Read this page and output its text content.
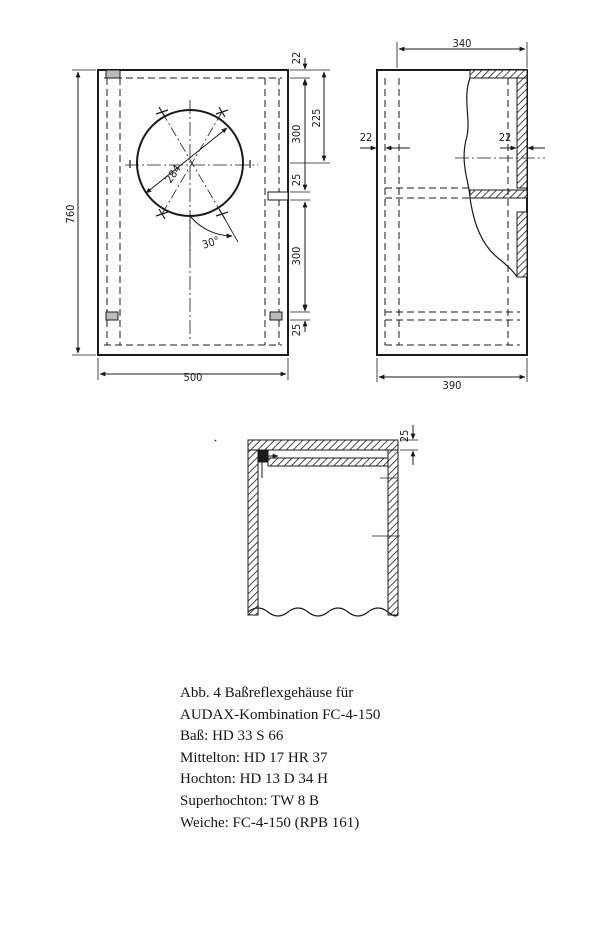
760
500
22
225
300
25
300
25
284
30°
340
390
22	22
25
Abb. 4 Baßreflexgehäuse für
AUDAX-Kombination FC-4-150
Baß: HD 33 S 66
Mittelton: HD 17 HR 37
Hochton: HD 13 D 34 H
Superhochton: TW 8 B
Weiche: FC-4-150 (RPB 161)
